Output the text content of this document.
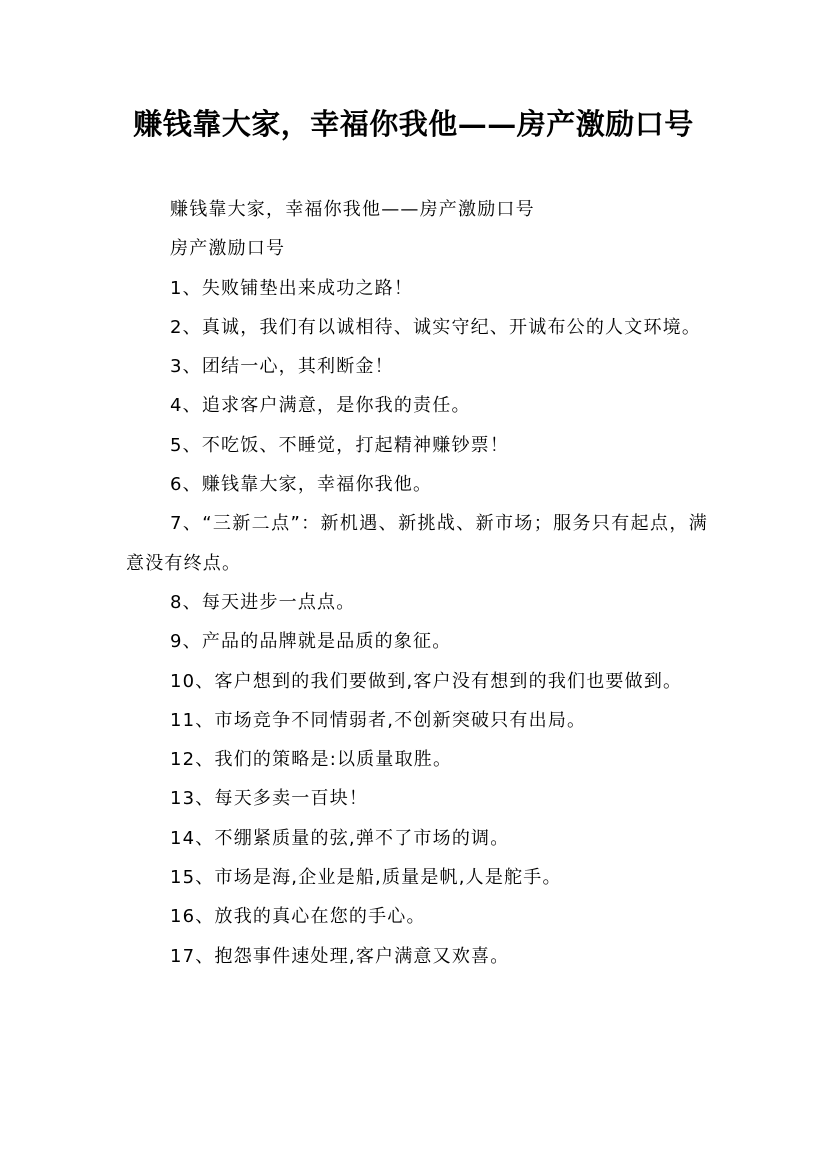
赚钱靠大家，幸福你我他——房产激励口号

赚钱靠大家，幸福你我他——房产激励口号

房产激励口号

1、失败铺垫出来成功之路！

2、真诚，我们有以诚相待、诚实守纪、开诚布公的人文环境。

3、团结一心，其利断金！

4、追求客户满意，是你我的责任。

5、不吃饭、不睡觉，打起精神赚钞票！

6、赚钱靠大家，幸福你我他。

7、“三新二点”：新机遇、新挑战、新市场；服务只有起点，满意没有终点。

8、每天进步一点点。

9、产品的品牌就是品质的象征。

10、客户想到的我们要做到,客户没有想到的我们也要做到。

11、市场竞争不同情弱者,不创新突破只有出局。

12、我们的策略是:以质量取胜。

13、每天多卖一百块！

14、不绷紧质量的弦,弹不了市场的调。

15、市场是海,企业是船,质量是帆,人是舵手。

16、放我的真心在您的手心。

17、抱怨事件速处理,客户满意又欢喜。
